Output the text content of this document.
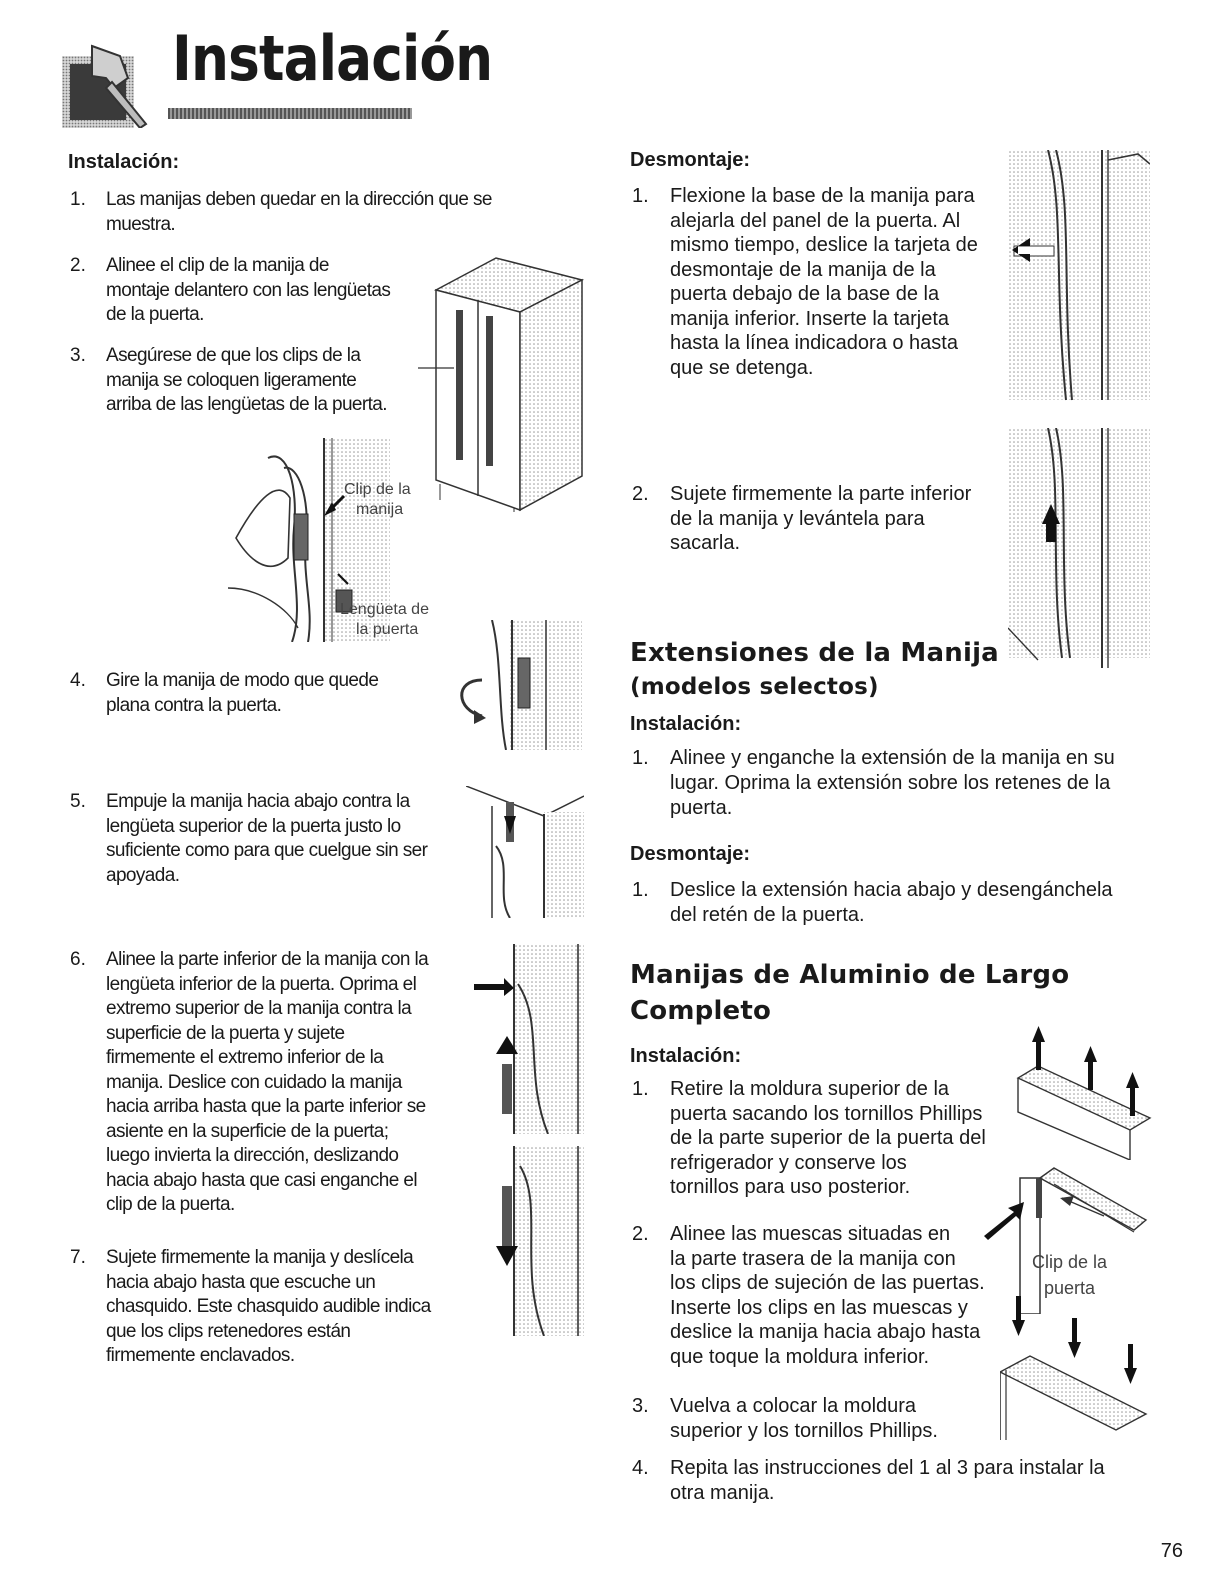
Instalación
Instalación:
1. Las manijas deben quedar en la dirección que se
muestra.
2. Alinee el clip de la manija de
montaje delantero con las lengüetas
de la puerta.
3. Asegúrese de que los clips de la
manija se coloquen ligeramente
arriba de las lengüetas de la puerta.
4. Gire la manija de modo que quede
plana contra la puerta.
5. Empuje la manija hacia abajo contra la
lengüeta superior de la puerta justo lo
suficiente como para que cuelgue sin ser
apoyada.
6. Alinee la parte inferior de la manija con la
lengüeta inferior de la puerta. Oprima el
extremo superior de la manija contra la
superficie de la puerta y sujete
firmemente el extremo inferior de la
manija. Deslice con cuidado la manija
hacia arriba hasta que la parte inferior se
asiente en la superficie de la puerta;
luego invierta la dirección, deslizando
hacia abajo hasta que casi enganche el
clip de la puerta.
7. Sujete firmemente la manija y deslícela
hacia abajo hasta que escuche un
chasquido. Este chasquido audible indica
que los clips retenedores están
firmemente enclavados.
Clip de la
manija
Lengüeta de
la puerta
Desmontaje:
1. Flexione la base de la manija para
alejarla del panel de la puerta. Al
mismo tiempo, deslice la tarjeta de
desmontaje de la manija de la
puerta debajo de la base de la
manija inferior. Inserte la tarjeta
hasta la línea indicadora o hasta
que se detenga.
2. Sujete firmemente la parte inferior
de la manija y levántela para
sacarla.
1. Alinee y enganche la extensión de la manija en su
lugar. Oprima la extensión sobre los retenes de la
puerta.
1. Deslice la extensión hacia abajo y desengánchela
del retén de la puerta.
1. Retire la moldura superior de la
puerta sacando los tornillos Phillips
de la parte superior de la puerta del
refrigerador y conserve los
tornillos para uso posterior.
2. Alinee las muescas situadas en
la parte trasera de la manija con
los clips de sujeción de las puertas.
Inserte los clips en las muescas y
deslice la manija hacia abajo hasta
que toque la moldura inferior.
3. Vuelva a colocar la moldura
superior y los tornillos Phillips.
4. Repita las instrucciones del 1 al 3 para instalar la
otra manija.
Extensiones de la Manija
(modelos selectos)
Instalación:
Desmontaje:
Manijas de Aluminio de Largo
Completo
Instalación:
Clip de la
puerta
76
